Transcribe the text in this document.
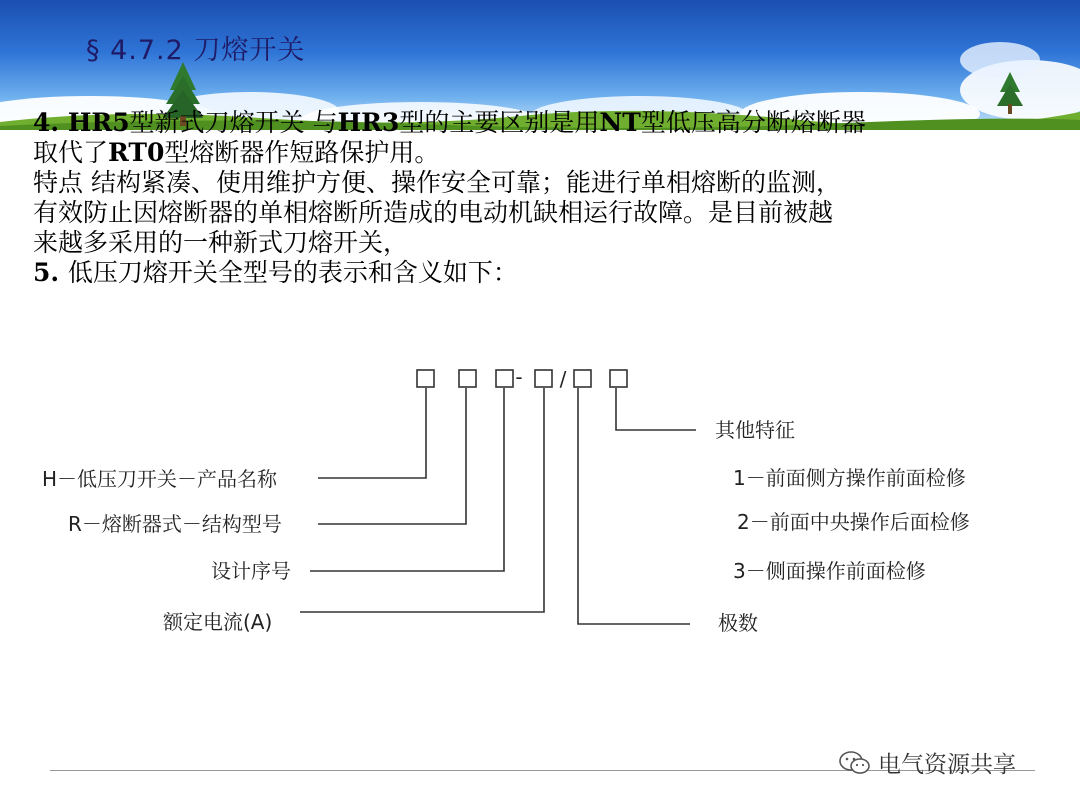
§ 4.7.2 刀熔开关
4. HR5型新式刀熔开关 与HR3型的主要区别是用NT型低压高分断熔断器
取代了RT0型熔断器作短路保护用。
特点 结构紧凑、使用维护方便、操作安全可靠；能进行单相熔断的监测，
有效防止因熔断器的单相熔断所造成的电动机缺相运行故障。是目前被越
来越多采用的一种新式刀熔开关，
5. 低压刀熔开关全型号的表示和含义如下：
- /
H－低压刀开关－产品名称
R－熔断器式－结构型号
设计序号
额定电流(A)
其他特征
1－前面侧方操作前面检修
2－前面中央操作后面检修
3－侧面操作前面检修
极数
电气资源共享
